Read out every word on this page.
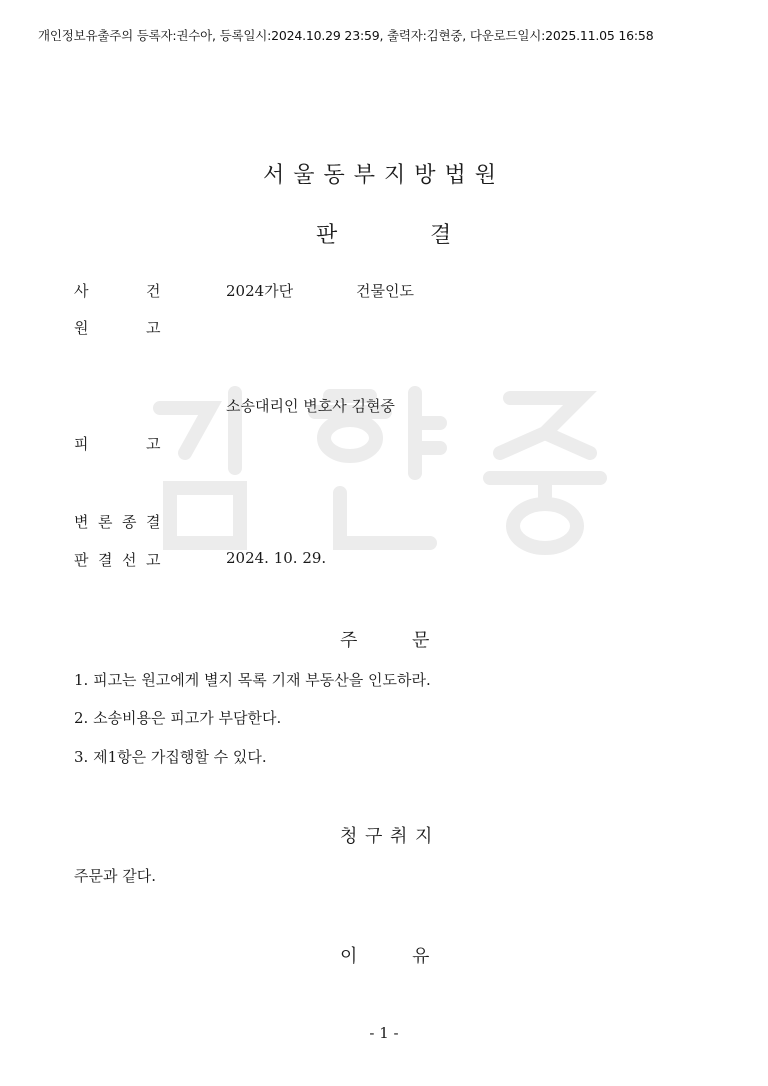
개인정보유출주의 등록자:권수아, 등록일시:2024.10.29 23:59, 출력자:김현중, 다운로드일시:2025.11.05 16:58
서울동부지방법원
판	결
사	건	2024가단	건물인도
원	고
소송대리인 변호사 김현중
피	고
변 론 종 결
판 결 선 고	2024. 10. 29.
주	문
1. 피고는 원고에게 별지 목록 기재 부동산을 인도하라.
2. 소송비용은 피고가 부담한다.
3. 제1항은 가집행할 수 있다.
청 구 취 지
주문과 같다.
이	유
- 1 -
